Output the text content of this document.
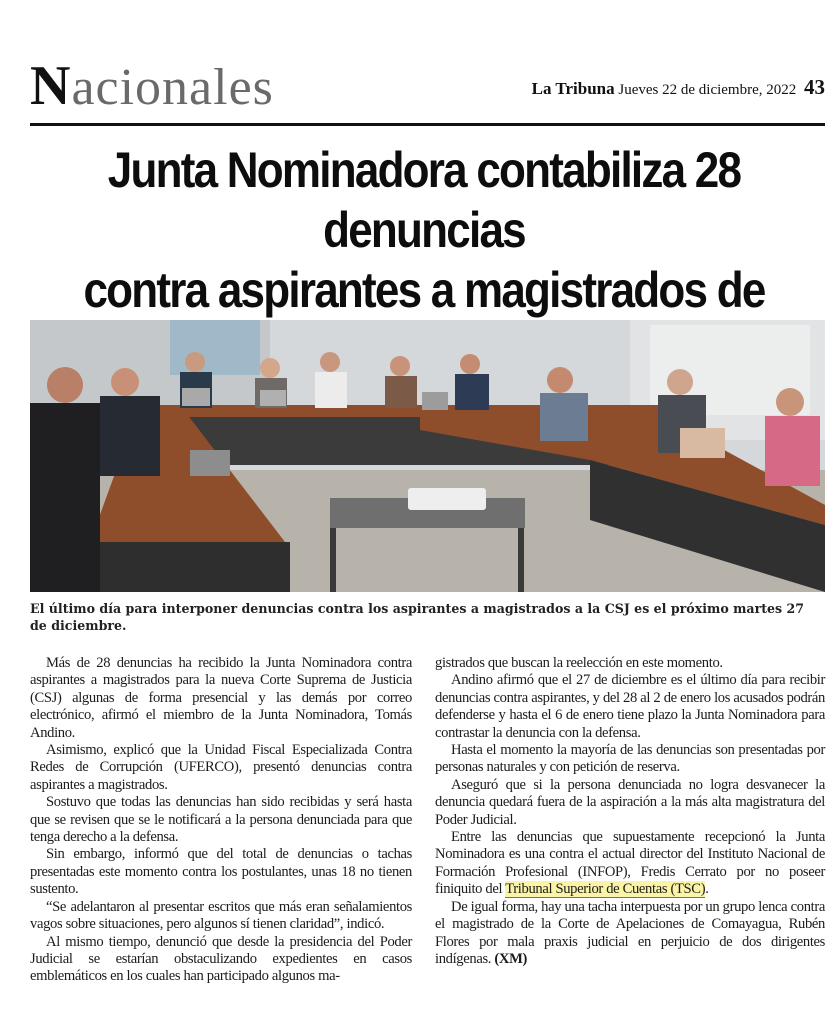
Nacionales	La Tribuna Jueves 22 de diciembre, 2022 43
Junta Nominadora contabiliza 28 denuncias
contra aspirantes a magistrados de
El último día para interponer denuncias contra los aspirantes a magistrados a la CSJ es el próximo martes 27 de diciembre.

Más de 28 denuncias ha recibido la Junta Nominadora contra aspirantes a magistrados para la nueva Corte Suprema de Justicia (CSJ) algunas de forma presencial y las demás por correo electrónico, afirmó el miembro de la Junta Nominadora, Tomás Andino.

Asimismo, explicó que la Unidad Fiscal Especializada Contra Redes de Corrupción (UFERCO), presentó denuncias contra aspirantes a magistrados.

Sostuvo que todas las denuncias han sido recibidas y será hasta que se revisen que se le notificará a la persona denunciada para que tenga derecho a la defensa.

Sin embargo, informó que del total de denuncias o tachas presentadas este momento contra los postulantes, unas 18 no tienen sustento.

“Se adelantaron al presentar escritos que más eran señalamientos vagos sobre situaciones, pero algunos sí tienen claridad”, indicó.

Al mismo tiempo, denunció que desde la presidencia del Poder Judicial se estarían obstaculizando expedientes en casos emblemáticos en los cuales han participado algunos ma-

gistrados que buscan la reelección en este momento.

Andino afirmó que el 27 de diciembre es el último día para recibir denuncias contra aspirantes, y del 28 al 2 de enero los acusados podrán defenderse y hasta el 6 de enero tiene plazo la Junta Nominadora para contrastar la denuncia con la defensa.

Hasta el momento la mayoría de las denuncias son presentadas por personas naturales y con petición de reserva.

Aseguró que si la persona denunciada no logra desvanecer la denuncia quedará fuera de la aspiración a la más alta magistratura del Poder Judicial.

Entre las denuncias que supuestamente recepcionó la Junta Nominadora es una contra el actual director del Instituto Nacional de Formación Profesional (INFOP), Fredis Cerrato por no poseer finiquito del Tribunal Superior de Cuentas (TSC).

De igual forma, hay una tacha interpuesta por un grupo lenca contra el magistrado de la Corte de Apelaciones de Comayagua, Rubén Flores por mala praxis judicial en perjuicio de dos dirigentes indígenas. (XM)
